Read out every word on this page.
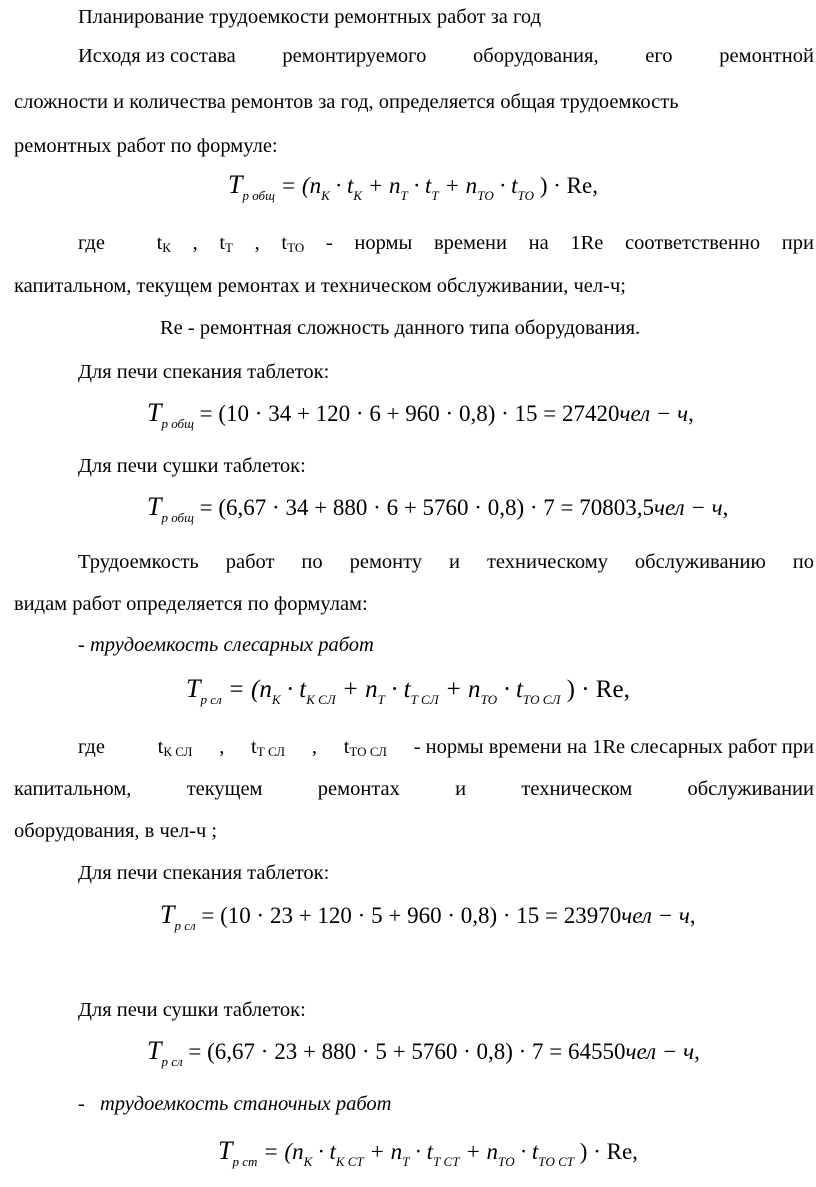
Планирование трудоемкости ремонтных работ за год
Исходя из состава ремонтируемого оборудования, его ремонтной
сложности и количества ремонтов за год, определяется общая трудоемкость
ремонтных работ по формуле:
$T_{р общ} = (n_К \cdot t_К + n_Т \cdot t_Т + n_{ТО} \cdot t_{ТО}$ ) · Re,
где	tК , tТ , tТО - нормы времени на 1Re соответственно при
капитальном, текущем ремонтах и техническом обслуживании, чел-ч;
Re - ремонтная сложность данного типа оборудования.
Для печи спекания таблеток:
$T_{р общ} = (10 \cdot 34 + 120 \cdot 6 + 960 \cdot 0,8) \cdot 15 = 27420чел - ч$,
Для печи сушки таблеток:
$T_{р общ} = (6,67 \cdot 34 + 880 \cdot 6 + 5760 \cdot 0,8) \cdot 7 = 70803,5чел - ч$,
Трудоемкость работ по ремонту и техническому обслуживанию по
видам работ определяется по формулам:
- трудоемкость слесарных работ
$T_{р сл} = (n_К \cdot t_{К СЛ} + n_Т \cdot t_{Т СЛ} + n_{ТО} \cdot t_{ТО СЛ}$ ) · Re,
где	tК СЛ , tТ СЛ , tТО СЛ - нормы времени на 1Re слесарных работ при
капитальном,	текущем	ремонтах	и	техническом	обслуживании
оборудования, в чел-ч ;
Для печи спекания таблеток:
$T_{р сл} = (10 \cdot 23 + 120 \cdot 5 + 960 \cdot 0,8) \cdot 15 = 23970чел - ч$,
Для печи сушки таблеток:
$T_{р сл} = (6,67 \cdot 23 + 880 \cdot 5 + 5760 \cdot 0,8) \cdot 7 = 64550чел - ч$,
- трудоемкость станочных работ
$T_{р ст} = (n_К \cdot t_{К СТ} + n_Т \cdot t_{Т СТ} + n_{ТО} \cdot t_{ТО СТ}$ ) · Re,
